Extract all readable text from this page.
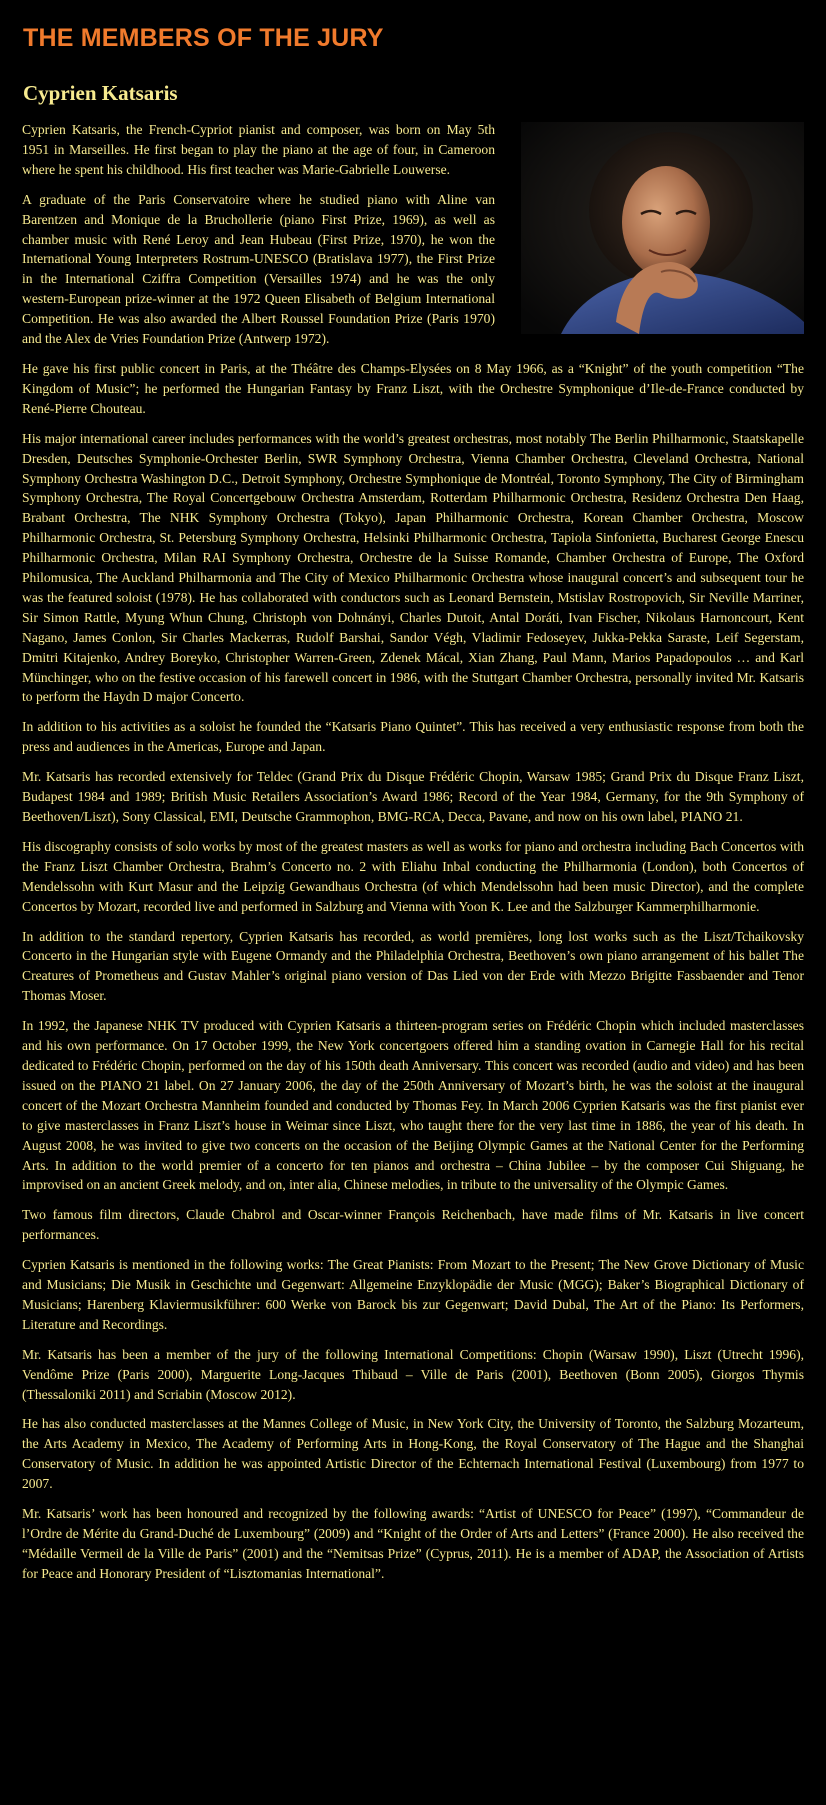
THE MEMBERS OF THE JURY
Cyprien Katsaris

Cyprien Katsaris, the French-Cypriot pianist and composer, was born on May 5th 1951 in Marseilles. He first began to play the piano at the age of four, in Cameroon where he spent his childhood. His first teacher was Marie-Gabrielle Louwerse.

A graduate of the Paris Conservatoire where he studied piano with Aline van Barentzen and Monique de la Bruchollerie (piano First Prize, 1969), as well as chamber music with René Leroy and Jean Hubeau (First Prize, 1970), he won the International Young Interpreters Rostrum-UNESCO (Bratislava 1977), the First Prize in the International Cziffra Competition (Versailles 1974) and he was the only western-European prize-winner at the 1972 Queen Elisabeth of Belgium International Competition. He was also awarded the Albert Roussel Foundation Prize (Paris 1970) and the Alex de Vries Foundation Prize (Antwerp 1972).

He gave his first public concert in Paris, at the Théâtre des Champs-Elysées on 8 May 1966, as a “Knight” of the youth competition “The Kingdom of Music”; he performed the Hungarian Fantasy by Franz Liszt, with the Orchestre Symphonique d’Ile-de-France conducted by René-Pierre Chouteau.

His major international career includes performances with the world’s greatest orchestras, most notably The Berlin Philharmonic, Staatskapelle Dresden, Deutsches Symphonie-Orchester Berlin, SWR Symphony Orchestra, Vienna Chamber Orchestra, Cleveland Orchestra, National Symphony Orchestra Washington D.C., Detroit Symphony, Orchestre Symphonique de Montréal, Toronto Symphony, The City of Birmingham Symphony Orchestra, The Royal Concertgebouw Orchestra Amsterdam, Rotterdam Philharmonic Orchestra, Residenz Orchestra Den Haag, Brabant Orchestra, The NHK Symphony Orchestra (Tokyo), Japan Philharmonic Orchestra, Korean Chamber Orchestra, Moscow Philharmonic Orchestra, St. Petersburg Symphony Orchestra, Helsinki Philharmonic Orchestra, Tapiola Sinfonietta, Bucharest George Enescu Philharmonic Orchestra, Milan RAI Symphony Orchestra, Orchestre de la Suisse Romande, Chamber Orchestra of Europe, The Oxford Philomusica, The Auckland Philharmonia and The City of Mexico Philharmonic Orchestra whose inaugural concert’s and subsequent tour he was the featured soloist (1978). He has collaborated with conductors such as Leonard Bernstein, Mstislav Rostropovich, Sir Neville Marriner, Sir Simon Rattle, Myung Whun Chung, Christoph von Dohnányi, Charles Dutoit, Antal Doráti, Ivan Fischer, Nikolaus Harnoncourt, Kent Nagano, James Conlon, Sir Charles Mackerras, Rudolf Barshai, Sandor Végh, Vladimir Fedoseyev, Jukka-Pekka Saraste, Leif Segerstam, Dmitri Kitajenko, Andrey Boreyko, Christopher Warren-Green, Zdenek Mácal, Xian Zhang, Paul Mann, Marios Papadopoulos … and Karl Münchinger, who on the festive occasion of his farewell concert in 1986, with the Stuttgart Chamber Orchestra, personally invited Mr. Katsaris to perform the Haydn D major Concerto.

In addition to his activities as a soloist he founded the “Katsaris Piano Quintet”. This has received a very enthusiastic response from both the press and audiences in the Americas, Europe and Japan.

Mr. Katsaris has recorded extensively for Teldec (Grand Prix du Disque Frédéric Chopin, Warsaw 1985; Grand Prix du Disque Franz Liszt, Budapest 1984 and 1989; British Music Retailers Association’s Award 1986; Record of the Year 1984, Germany, for the 9th Symphony of Beethoven/Liszt), Sony Classical, EMI, Deutsche Grammophon, BMG-RCA, Decca, Pavane, and now on his own label, PIANO 21.

His discography consists of solo works by most of the greatest masters as well as works for piano and orchestra including Bach Concertos with the Franz Liszt Chamber Orchestra, Brahm’s Concerto no. 2 with Eliahu Inbal conducting the Philharmonia (London), both Concertos of Mendelssohn with Kurt Masur and the Leipzig Gewandhaus Orchestra (of which Mendelssohn had been music Director), and the complete Concertos by Mozart, recorded live and performed in Salzburg and Vienna with Yoon K. Lee and the Salzburger Kammerphilharmonie.

In addition to the standard repertory, Cyprien Katsaris has recorded, as world premières, long lost works such as the Liszt/Tchaikovsky Concerto in the Hungarian style with Eugene Ormandy and the Philadelphia Orchestra, Beethoven’s own piano arrangement of his ballet The Creatures of Prometheus and Gustav Mahler’s original piano version of Das Lied von der Erde with Mezzo Brigitte Fassbaender and Tenor Thomas Moser.

In 1992, the Japanese NHK TV produced with Cyprien Katsaris a thirteen-program series on Frédéric Chopin which included masterclasses and his own performance. On 17 October 1999, the New York concertgoers offered him a standing ovation in Carnegie Hall for his recital dedicated to Frédéric Chopin, performed on the day of his 150th death Anniversary. This concert was recorded (audio and video) and has been issued on the PIANO 21 label. On 27 January 2006, the day of the 250th Anniversary of Mozart’s birth, he was the soloist at the inaugural concert of the Mozart Orchestra Mannheim founded and conducted by Thomas Fey. In March 2006 Cyprien Katsaris was the first pianist ever to give masterclasses in Franz Liszt’s house in Weimar since Liszt, who taught there for the very last time in 1886, the year of his death. In August 2008, he was invited to give two concerts on the occasion of the Beijing Olympic Games at the National Center for the Performing Arts. In addition to the world premier of a concerto for ten pianos and orchestra – China Jubilee – by the composer Cui Shiguang, he improvised on an ancient Greek melody, and on, inter alia, Chinese melodies, in tribute to the universality of the Olympic Games.

Two famous film directors, Claude Chabrol and Oscar-winner François Reichenbach, have made films of Mr. Katsaris in live concert performances.

Cyprien Katsaris is mentioned in the following works: The Great Pianists: From Mozart to the Present; The New Grove Dictionary of Music and Musicians; Die Musik in Geschichte und Gegenwart: Allgemeine Enzyklopädie der Music (MGG); Baker’s Biographical Dictionary of Musicians; Harenberg Klaviermusikführer: 600 Werke von Barock bis zur Gegenwart; David Dubal, The Art of the Piano: Its Performers, Literature and Recordings.

Mr. Katsaris has been a member of the jury of the following International Competitions: Chopin (Warsaw 1990), Liszt (Utrecht 1996), Vendôme Prize (Paris 2000), Marguerite Long-Jacques Thibaud – Ville de Paris (2001), Beethoven (Bonn 2005), Giorgos Thymis (Thessaloniki 2011) and Scriabin (Moscow 2012).

He has also conducted masterclasses at the Mannes College of Music, in New York City, the University of Toronto, the Salzburg Mozarteum, the Arts Academy in Mexico, The Academy of Performing Arts in Hong-Kong, the Royal Conservatory of The Hague and the Shanghai Conservatory of Music. In addition he was appointed Artistic Director of the Echternach International Festival (Luxembourg) from 1977 to 2007.

Mr. Katsaris’ work has been honoured and recognized by the following awards: “Artist of UNESCO for Peace” (1997), “Commandeur de l’Ordre de Mérite du Grand-Duché de Luxembourg” (2009) and “Knight of the Order of Arts and Letters” (France 2000). He also received the “Médaille Vermeil de la Ville de Paris” (2001) and the “Nemitsas Prize” (Cyprus, 2011). He is a member of ADAP, the Association of Artists for Peace and Honorary President of “Lisztomanias International”.
